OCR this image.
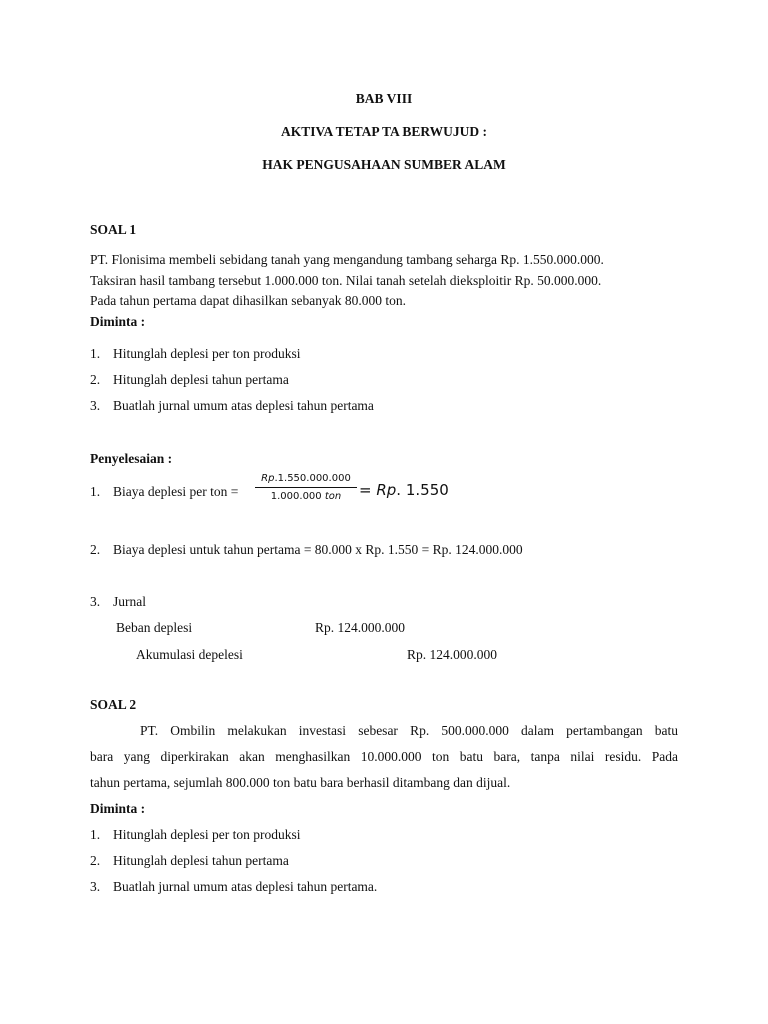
BAB VIII
AKTIVA TETAP TA BERWUJUD :
HAK PENGUSAHAAN SUMBER ALAM
SOAL 1
PT. Flonisima membeli sebidang tanah yang mengandung tambang seharga Rp. 1.550.000.000.
Taksiran hasil tambang tersebut 1.000.000 ton. Nilai tanah setelah dieksploitir Rp. 50.000.000.
Pada tahun pertama dapat dihasilkan sebanyak 80.000 ton.
Diminta :
1. Hitunglah deplesi per ton produksi
2. Hitunglah deplesi tahun pertama
3. Buatlah jurnal umum atas deplesi tahun pertama
Penyelesaian :
1. Biaya deplesi per ton =
Rp.1.550.000.000
1.000.000 ton	= Rp. 1.550
2. Biaya deplesi untuk tahun pertama = 80.000 x Rp. 1.550 = Rp. 124.000.000
3. Jurnal
Beban deplesi	Rp. 124.000.000
Akumulasi depelesi	Rp. 124.000.000
SOAL 2
PT. Ombilin melakukan investasi sebesar Rp. 500.000.000 dalam pertambangan batu
bara yang diperkirakan akan menghasilkan 10.000.000 ton batu bara, tanpa nilai residu. Pada
tahun pertama, sejumlah 800.000 ton batu bara berhasil ditambang dan dijual.
Diminta :
1. Hitunglah deplesi per ton produksi
2. Hitunglah deplesi tahun pertama
3. Buatlah jurnal umum atas deplesi tahun pertama.
